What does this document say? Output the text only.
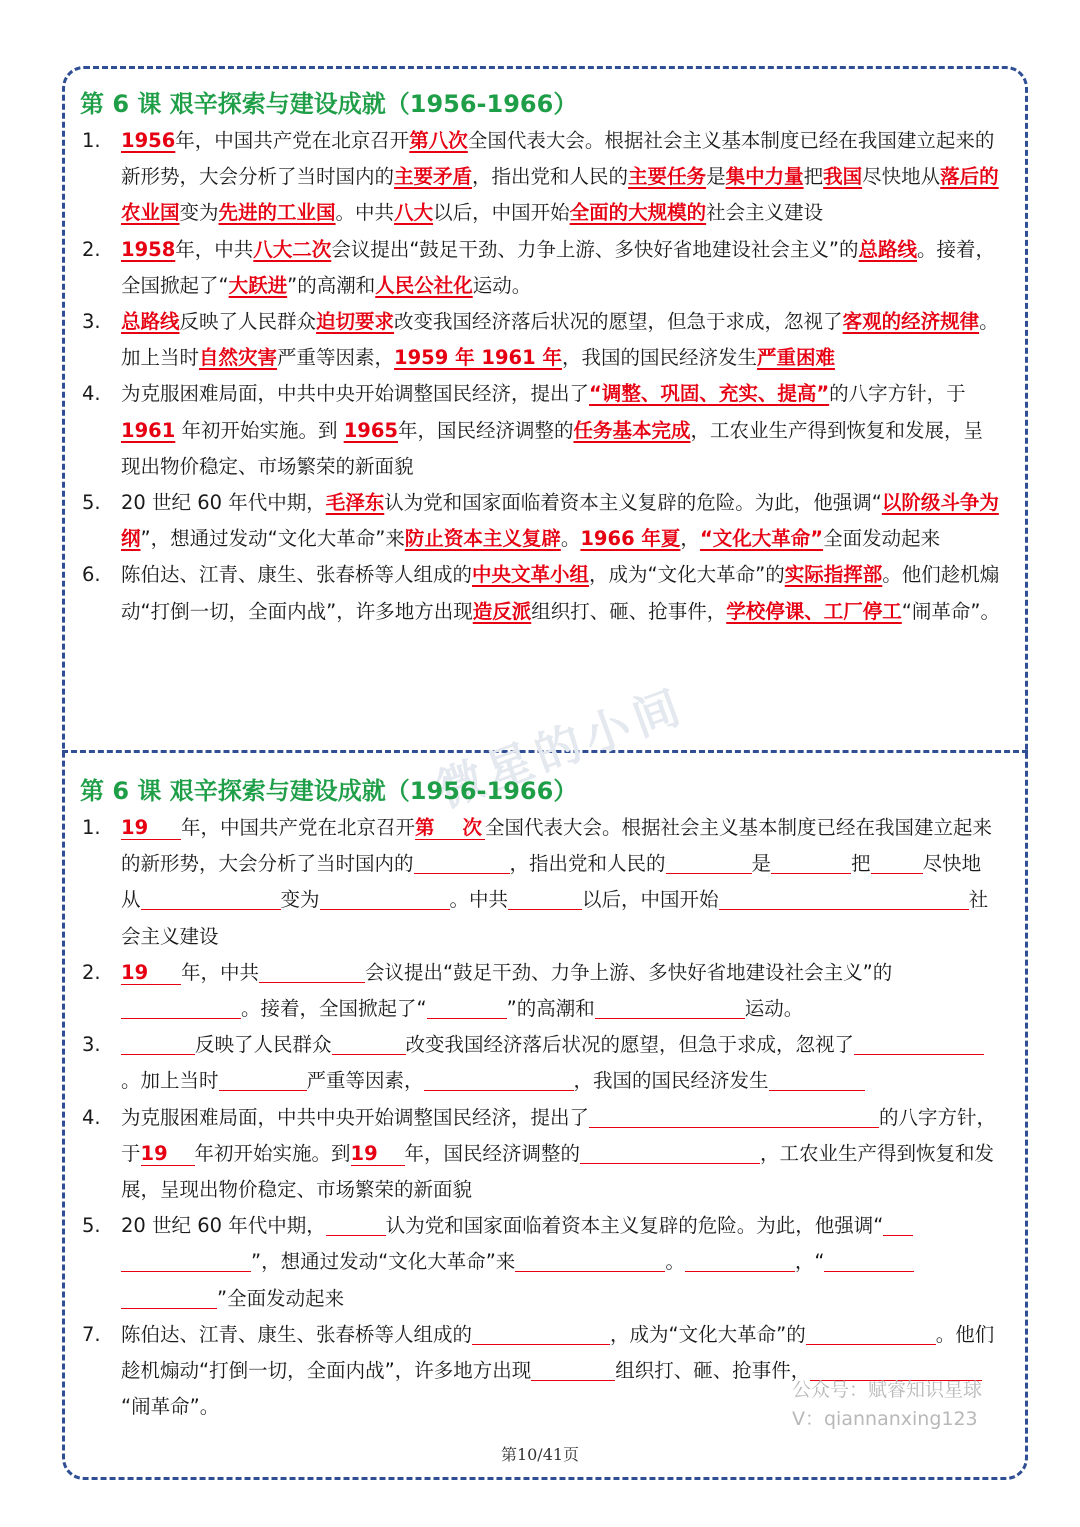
微星的小间
第 6 课 艰辛探索与建设成就（1956-1966）
1. 1956年，中国共产党在北京召开第八次全国代表大会。根据社会主义基本制度已经在我国建立起来的新形势，大会分析了当时国内的主要矛盾，指出党和人民的主要任务是集中力量把我国尽快地从落后的农业国变为先进的工业国。中共八大以后，中国开始全面的大规模的社会主义建设
2. 1958年，中共八大二次会议提出“鼓足干劲、力争上游、多快好省地建设社会主义”的总路线。接着，全国掀起了“大跃进”的高潮和人民公社化运动。
3. 总路线反映了人民群众迫切要求改变我国经济落后状况的愿望，但急于求成，忽视了客观的经济规律。加上当时自然灾害严重等因素，1959 年 1961 年，我国的国民经济发生严重困难
4. 为克服困难局面，中共中央开始调整国民经济，提出了“调整、巩固、充实、提高”的八字方针，于 1961 年初开始实施。到 1965年，国民经济调整的任务基本完成，工农业生产得到恢复和发展，呈现出物价稳定、市场繁荣的新面貌
5. 20 世纪 60 年代中期，毛泽东认为党和国家面临着资本主义复辟的危险。为此，他强调“以阶级斗争为纲”，想通过发动“文化大革命”来防止资本主义复辟。1966 年夏，“文化大革命”全面发动起来
6. 陈伯达、江青、康生、张春桥等人组成的中央文革小组，成为“文化大革命”的实际指挥部。他们趁机煽动“打倒一切，全面内战”，许多地方出现造反派组织打、砸、抢事件，学校停课、工厂停工“闹革命”。
第 6 课 艰辛探索与建设成就（1956-1966）
1. 19 年，中国共产党在北京召开第 次 全国代表大会。根据社会主义基本制度已经在我国建立起来的新形势，大会分析了当时国内的	，指出党和人民的	是	把	尽快地从	变为	。中共	以后，中国开始	社会主义建设
2. 19 年，中共	会议提出“鼓足干劲、力争上游、多快好省地建设社会主义”的。接着，全国掀起了“	”的高潮和	运动。
3.	反映了人民群众	改变我国经济落后状况的愿望，但急于求成，忽视了。加上当时	严重等因素，	，我国的国民经济发生
4. 为克服困难局面，中共中央开始调整国民经济，提出了	的八字方针，于19 年初开始实施。到19 年，国民经济调整的	，工农业生产得到恢复和发展，呈现出物价稳定、市场繁荣的新面貌
5. 20 世纪 60 年代中期，	认为党和国家面临着资本主义复辟的危险。为此，他强调“”，想通过发动“文化大革命”来	。	，“”全面发动起来
7. 陈伯达、江青、康生、张春桥等人组成的	，成为“文化大革命”的	。他们趁机煽动“打倒一切，全面内战”，许多地方出现	组织打、砸、抢事件，“闹革命”。
公众号：赋睿知识星球
V：qiannanxing123
第10/41页
